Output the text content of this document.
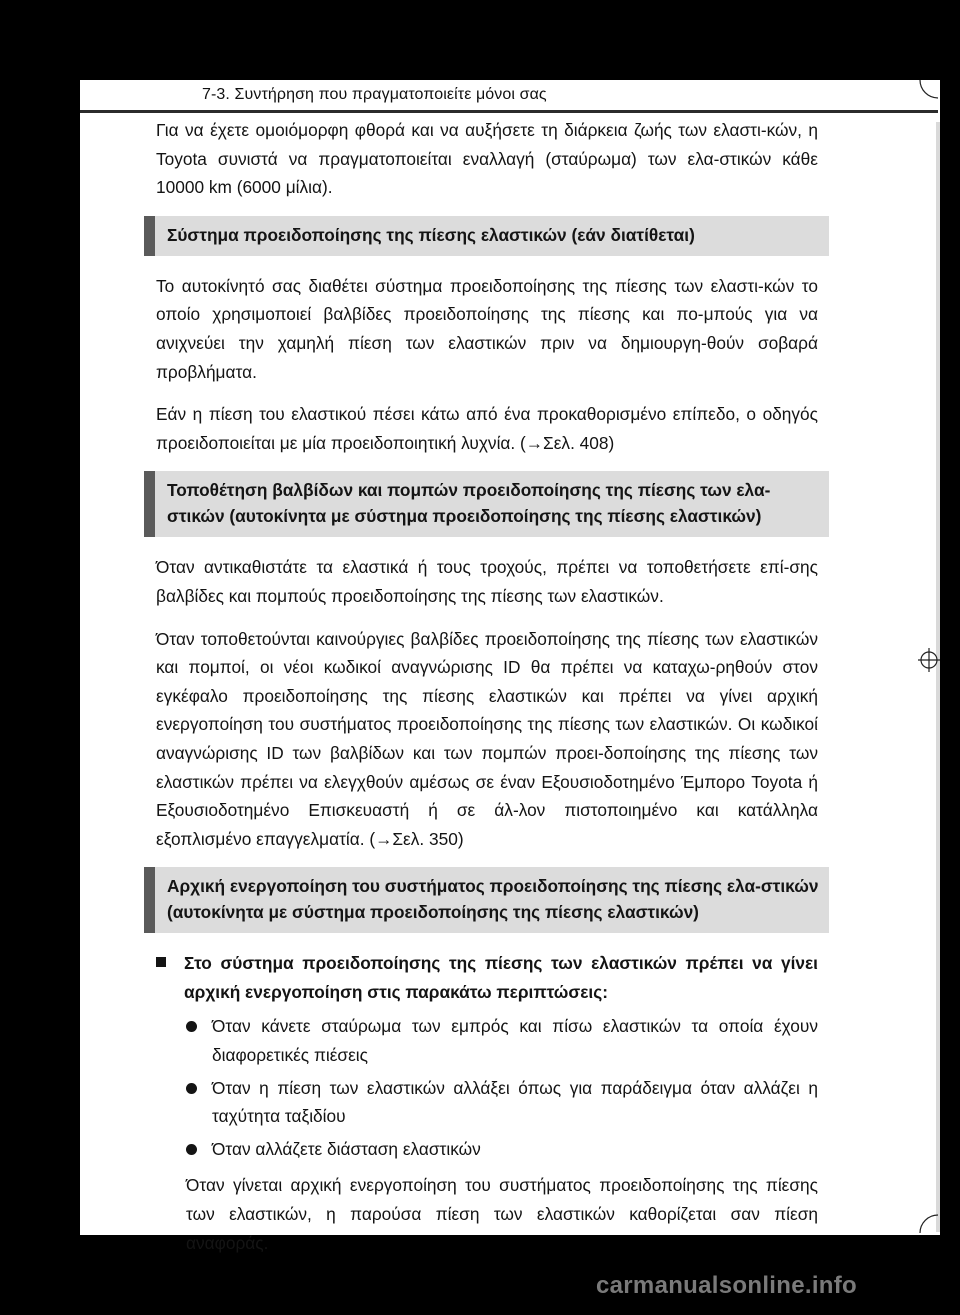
7-3. Συντήρηση που πραγματοποιείτε μόνοι σας

Για να έχετε ομοιόμορφη φθορά και να αυξήσετε τη διάρκεια ζωής των ελαστι-κών, η Toyota συνιστά να πραγματοποιείται εναλλαγή (σταύρωμα) των ελα-στικών κάθε 10000 km (6000 μίλια).

Σύστημα προειδοποίησης της πίεσης ελαστικών (εάν διατίθεται)

Το αυτοκίνητό σας διαθέτει σύστημα προειδοποίησης της πίεσης των ελαστι-κών το οποίο χρησιμοποιεί βαλβίδες προειδοποίησης της πίεσης και πο-μπούς για να ανιχνεύει την χαμηλή πίεση των ελαστικών πριν να δημιουργη-θούν σοβαρά προβλήματα.

Εάν η πίεση του ελαστικού πέσει κάτω από ένα προκαθορισμένο επίπεδο, ο οδηγός προειδοποιείται με μία προειδοποιητική λυχνία. (→Σελ. 408)

Τοποθέτηση βαλβίδων και πομπών προειδοποίησης της πίεσης των ελα-στικών (αυτοκίνητα με σύστημα προειδοποίησης της πίεσης ελαστικών)

Όταν αντικαθιστάτε τα ελαστικά ή τους τροχούς, πρέπει να τοποθετήσετε επί-σης βαλβίδες και πομπούς προειδοποίησης της πίεσης των ελαστικών.

Όταν τοποθετούνται καινούργιες βαλβίδες προειδοποίησης της πίεσης των ελαστικών και πομποί, οι νέοι κωδικοί αναγνώρισης ID θα πρέπει να καταχω-ρηθούν στον εγκέφαλο προειδοποίησης της πίεσης ελαστικών και πρέπει να γίνει αρχική ενεργοποίηση του συστήματος προειδοποίησης της πίεσης των ελαστικών. Οι κωδικοί αναγνώρισης ID των βαλβίδων και των πομπών προει-δοποίησης της πίεσης των ελαστικών πρέπει να ελεγχθούν αμέσως σε έναν Εξουσιοδοτημένο Έμπορο Toyota ή Εξουσιοδοτημένο Επισκευαστή ή σε άλ-λον πιστοποιημένο και κατάλληλα εξοπλισμένο επαγγελματία. (→Σελ. 350)

Αρχική ενεργοποίηση του συστήματος προειδοποίησης της πίεσης ελα-στικών (αυτοκίνητα με σύστημα προειδοποίησης της πίεσης ελαστικών)
Στο σύστημα προειδοποίησης της πίεσης των ελαστικών πρέπει να γίνει αρχική ενεργοποίηση στις παρακάτω περιπτώσεις:
Όταν κάνετε σταύρωμα των εμπρός και πίσω ελαστικών τα οποία έχουν διαφορετικές πιέσεις
Όταν η πίεση των ελαστικών αλλάξει όπως για παράδειγμα όταν αλλάζει η ταχύτητα ταξιδίου
Όταν αλλάζετε διάσταση ελαστικών

Όταν γίνεται αρχική ενεργοποίηση του συστήματος προειδοποίησης της πίεσης των ελαστικών, η παρούσα πίεση των ελαστικών καθορίζεται σαν πίεση αναφοράς.

carmanualsonline.info
